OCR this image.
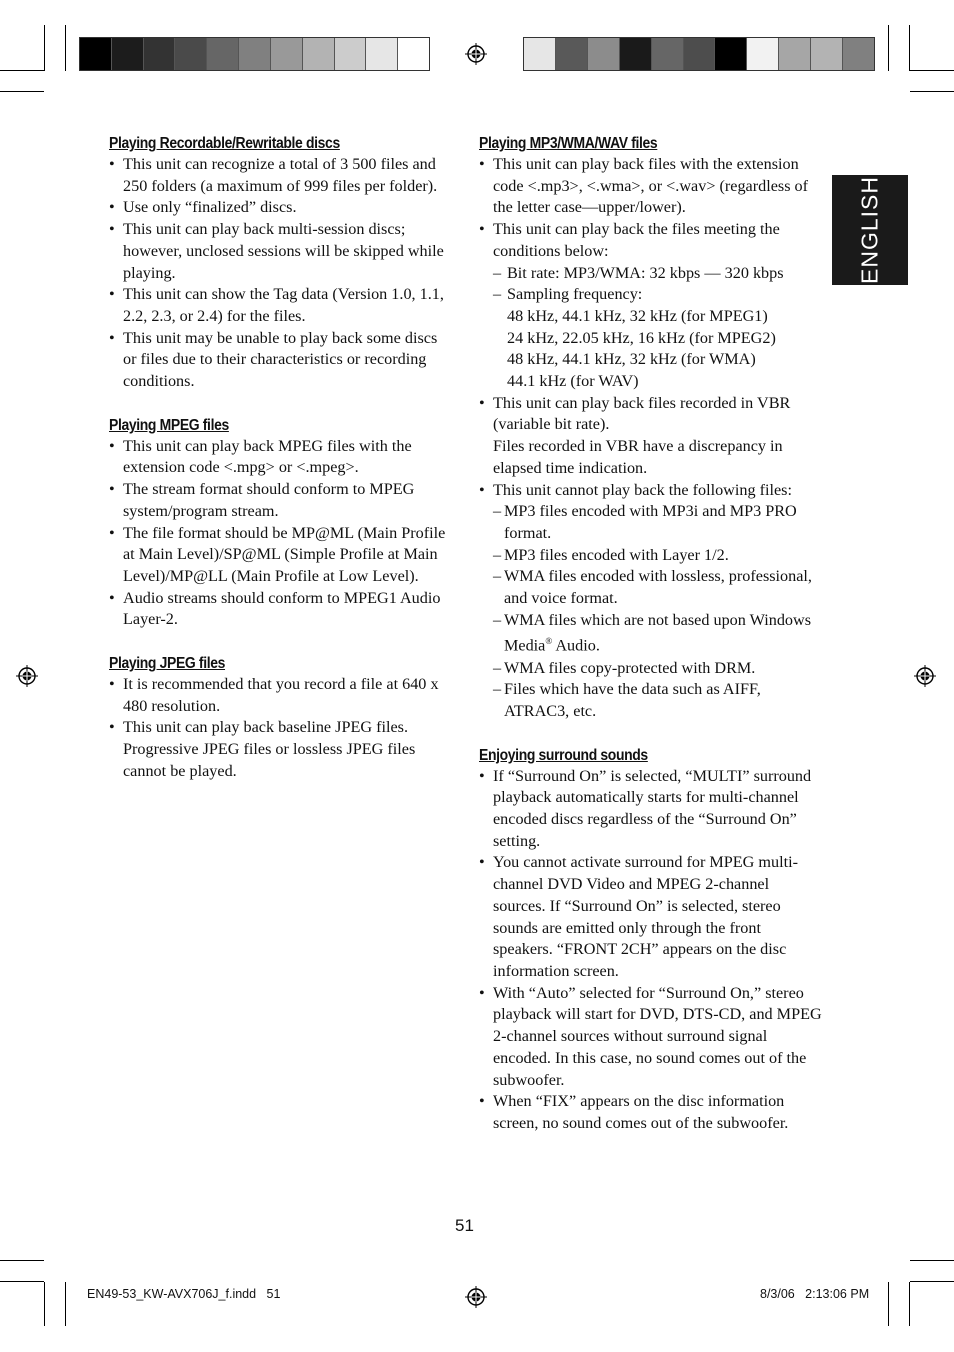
ENGLISH
Playing Recordable/Rewritable discs
• This unit can recognize a total of 3 500 files and 250 folders (a maximum of 999 files per folder).
• Use only “finalized” discs.
• This unit can play back multi-session discs; however, unclosed sessions will be skipped while playing.
• This unit can show the Tag data (Version 1.0, 1.1, 2.2, 2.3, or 2.4) for the files.
• This unit may be unable to play back some discs or files due to their characteristics or recording conditions.
Playing MPEG files
• This unit can play back MPEG files with the extension code <.mpg> or <.mpeg>.
• The stream format should conform to MPEG system/program stream.
• The file format should be MP@ML (Main Profile at Main Level)/SP@ML (Simple Profile at Main Level)/MP@LL (Main Profile at Low Level).
• Audio streams should conform to MPEG1 Audio Layer-2.
Playing JPEG files
• It is recommended that you record a file at 640 x 480 resolution.
• This unit can play back baseline JPEG files. Progressive JPEG files or lossless JPEG files cannot be played.
Playing MP3/WMA/WAV files
• This unit can play back files with the extension code <.mp3>, <.wma>, or <.wav> (regardless of the letter case—upper/lower).
• This unit can play back the files meeting the conditions below:
– Bit rate: MP3/WMA: 32 kbps — 320 kbps
– Sampling frequency:
48 kHz, 44.1 kHz, 32 kHz (for MPEG1)
24 kHz, 22.05 kHz, 16 kHz (for MPEG2)
48 kHz, 44.1 kHz, 32 kHz (for WMA)
44.1 kHz (for WAV)
• This unit can play back files recorded in VBR (variable bit rate).
Files recorded in VBR have a discrepancy in elapsed time indication.
• This unit cannot play back the following files:
– MP3 files encoded with MP3i and MP3 PRO format.
– MP3 files encoded with Layer 1/2.
– WMA files encoded with lossless, professional, and voice format.
– WMA files which are not based upon Windows Media® Audio.
– WMA files copy-protected with DRM.
– Files which have the data such as AIFF, ATRAC3, etc.
Enjoying surround sounds
• If “Surround On” is selected, “MULTI” surround playback automatically starts for multi-channel encoded discs regardless of the “Surround On” setting.
• You cannot activate surround for MPEG multi-channel DVD Video and MPEG 2-channel sources. If “Surround On” is selected, stereo sounds are emitted only through the front speakers. “FRONT 2CH” appears on the disc information screen.
• With “Auto” selected for “Surround On,” stereo playback will start for DVD, DTS-CD, and MPEG 2-channel sources without surround signal encoded. In this case, no sound comes out of the subwoofer.
• When “FIX” appears on the disc information screen, no sound comes out of the subwoofer.
51
EN49-53_KW-AVX706J_f.indd   51	8/3/06   2:13:06 PM
